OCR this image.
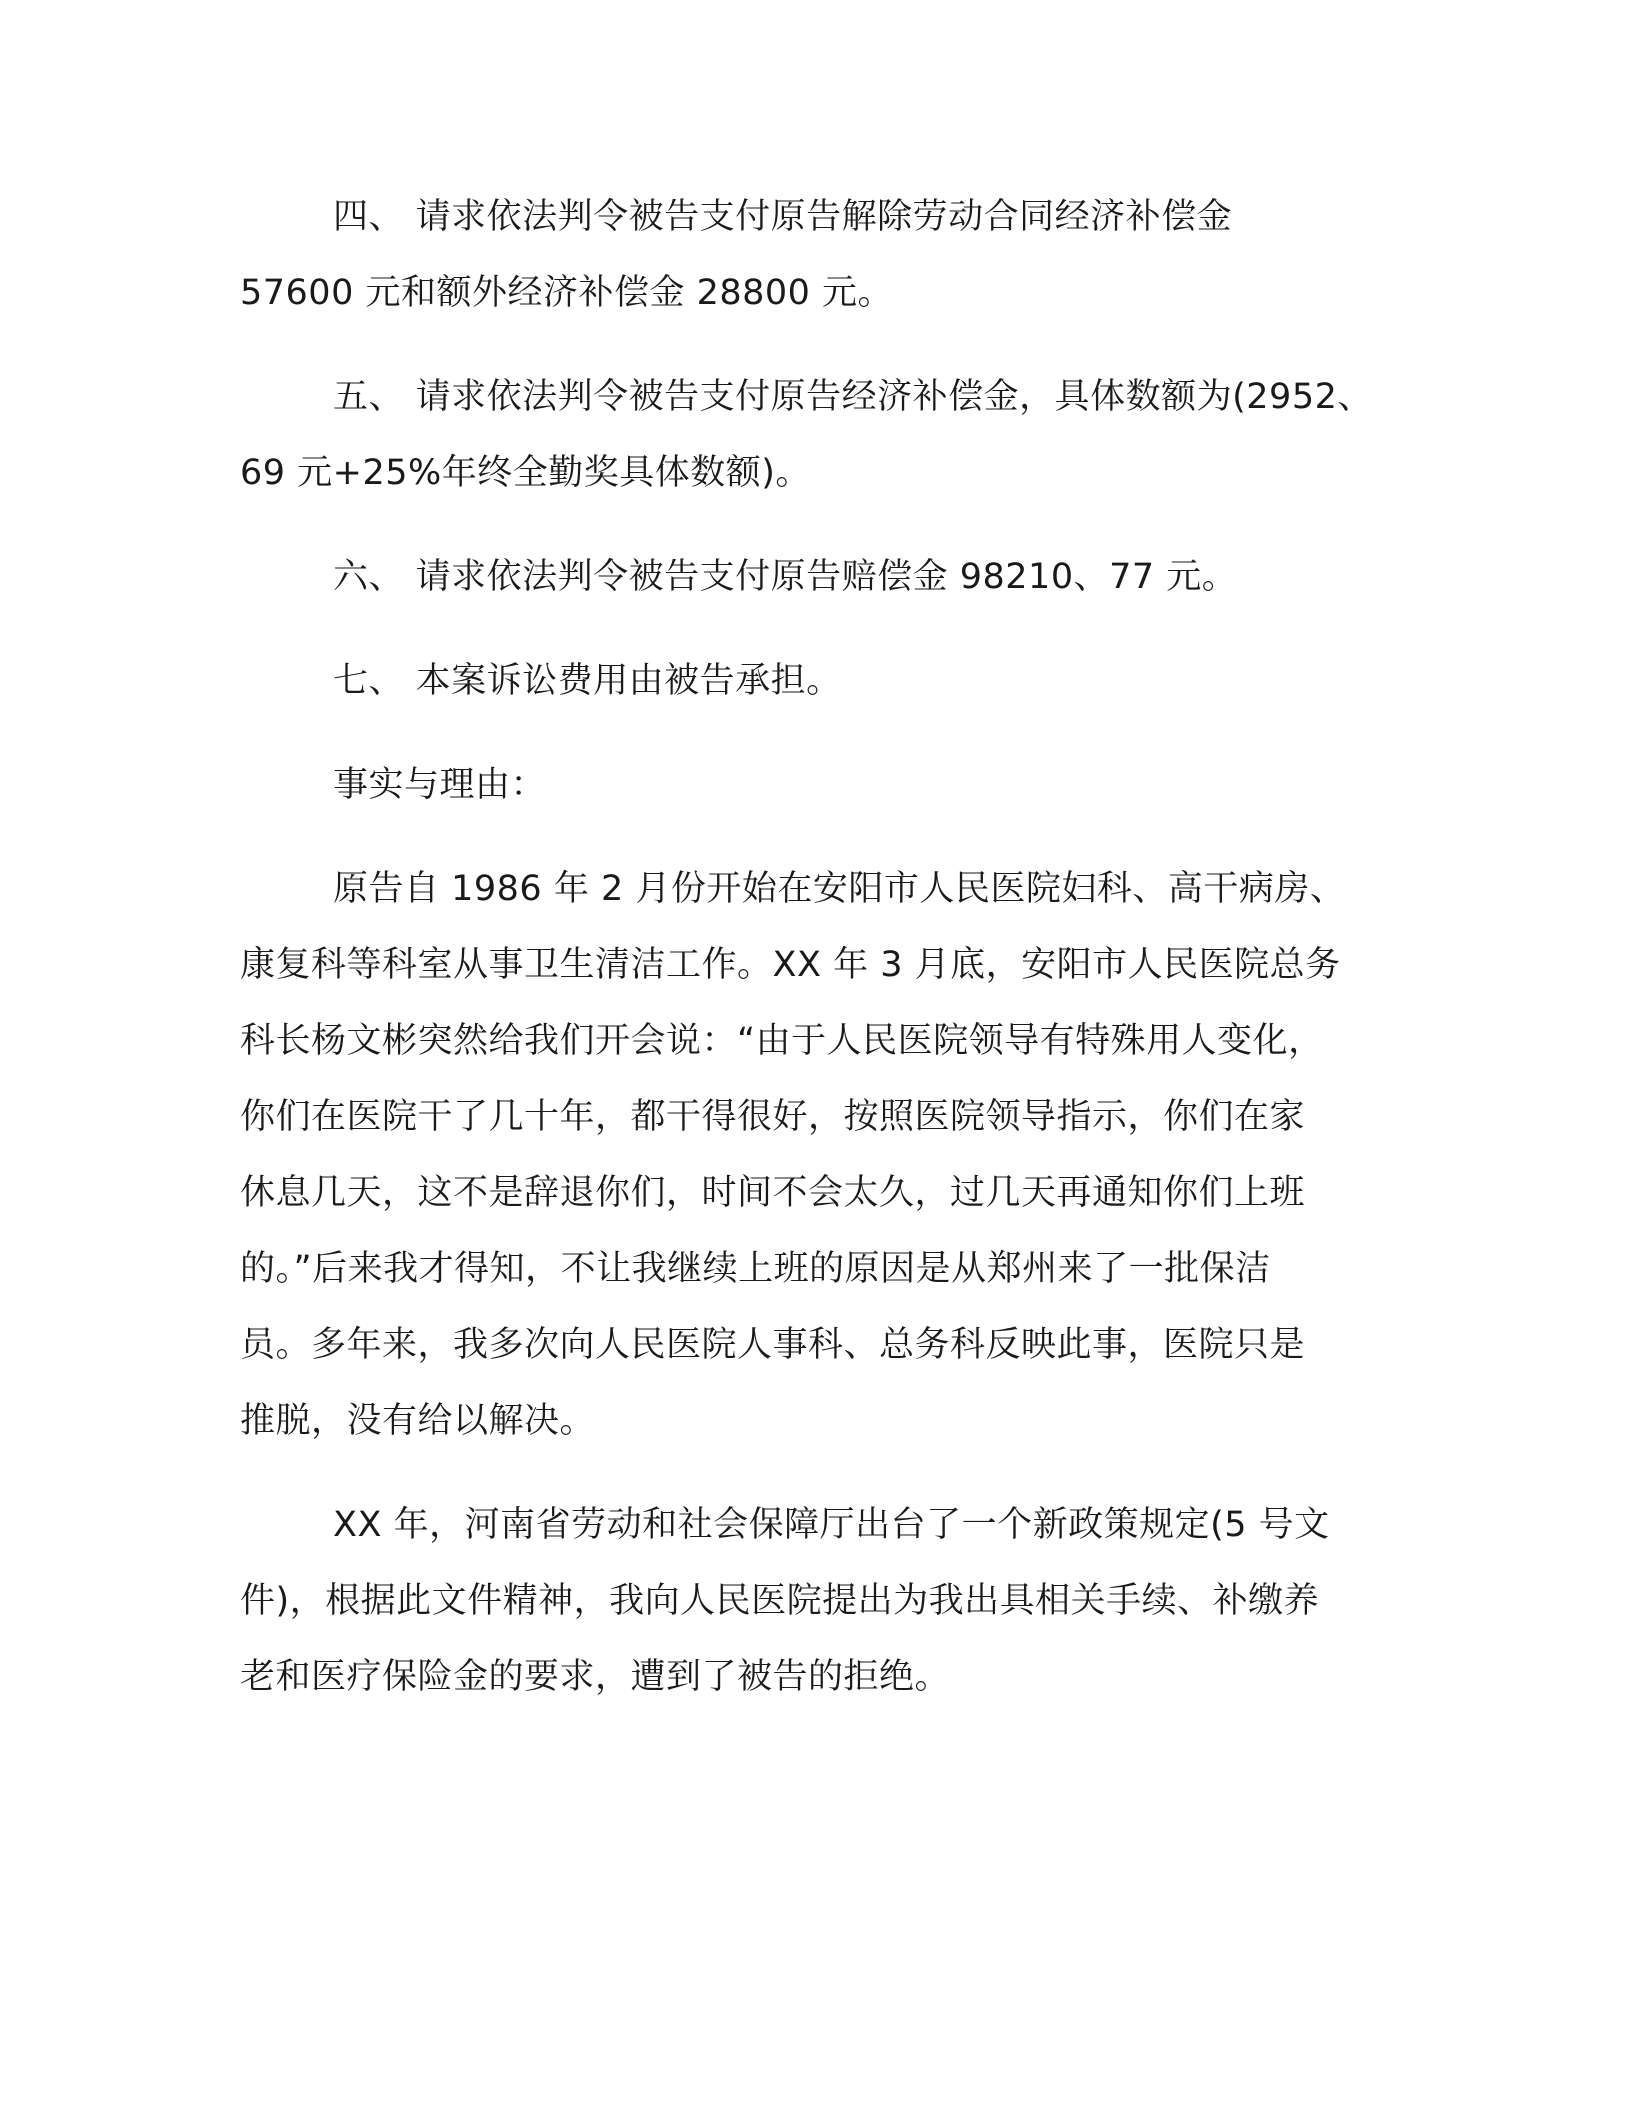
四、 请求依法判令被告支付原告解除劳动合同经济补偿金
57600 元和额外经济补偿金 28800 元。
五、 请求依法判令被告支付原告经济补偿金，具体数额为(2952、
69 元+25%年终全勤奖具体数额)。
六、 请求依法判令被告支付原告赔偿金 98210、77 元。
七、 本案诉讼费用由被告承担。
事实与理由：
原告自 1986 年 2 月份开始在安阳市人民医院妇科、高干病房、
康复科等科室从事卫生清洁工作。XX 年 3 月底，安阳市人民医院总务
科长杨文彬突然给我们开会说：“由于人民医院领导有特殊用人变化，
你们在医院干了几十年，都干得很好，按照医院领导指示，你们在家
休息几天，这不是辞退你们，时间不会太久，过几天再通知你们上班
的。”后来我才得知，不让我继续上班的原因是从郑州来了一批保洁
员。多年来，我多次向人民医院人事科、总务科反映此事，医院只是
推脱，没有给以解决。
XX 年，河南省劳动和社会保障厅出台了一个新政策规定(5 号文
件)，根据此文件精神，我向人民医院提出为我出具相关手续、补缴养
老和医疗保险金的要求，遭到了被告的拒绝。
